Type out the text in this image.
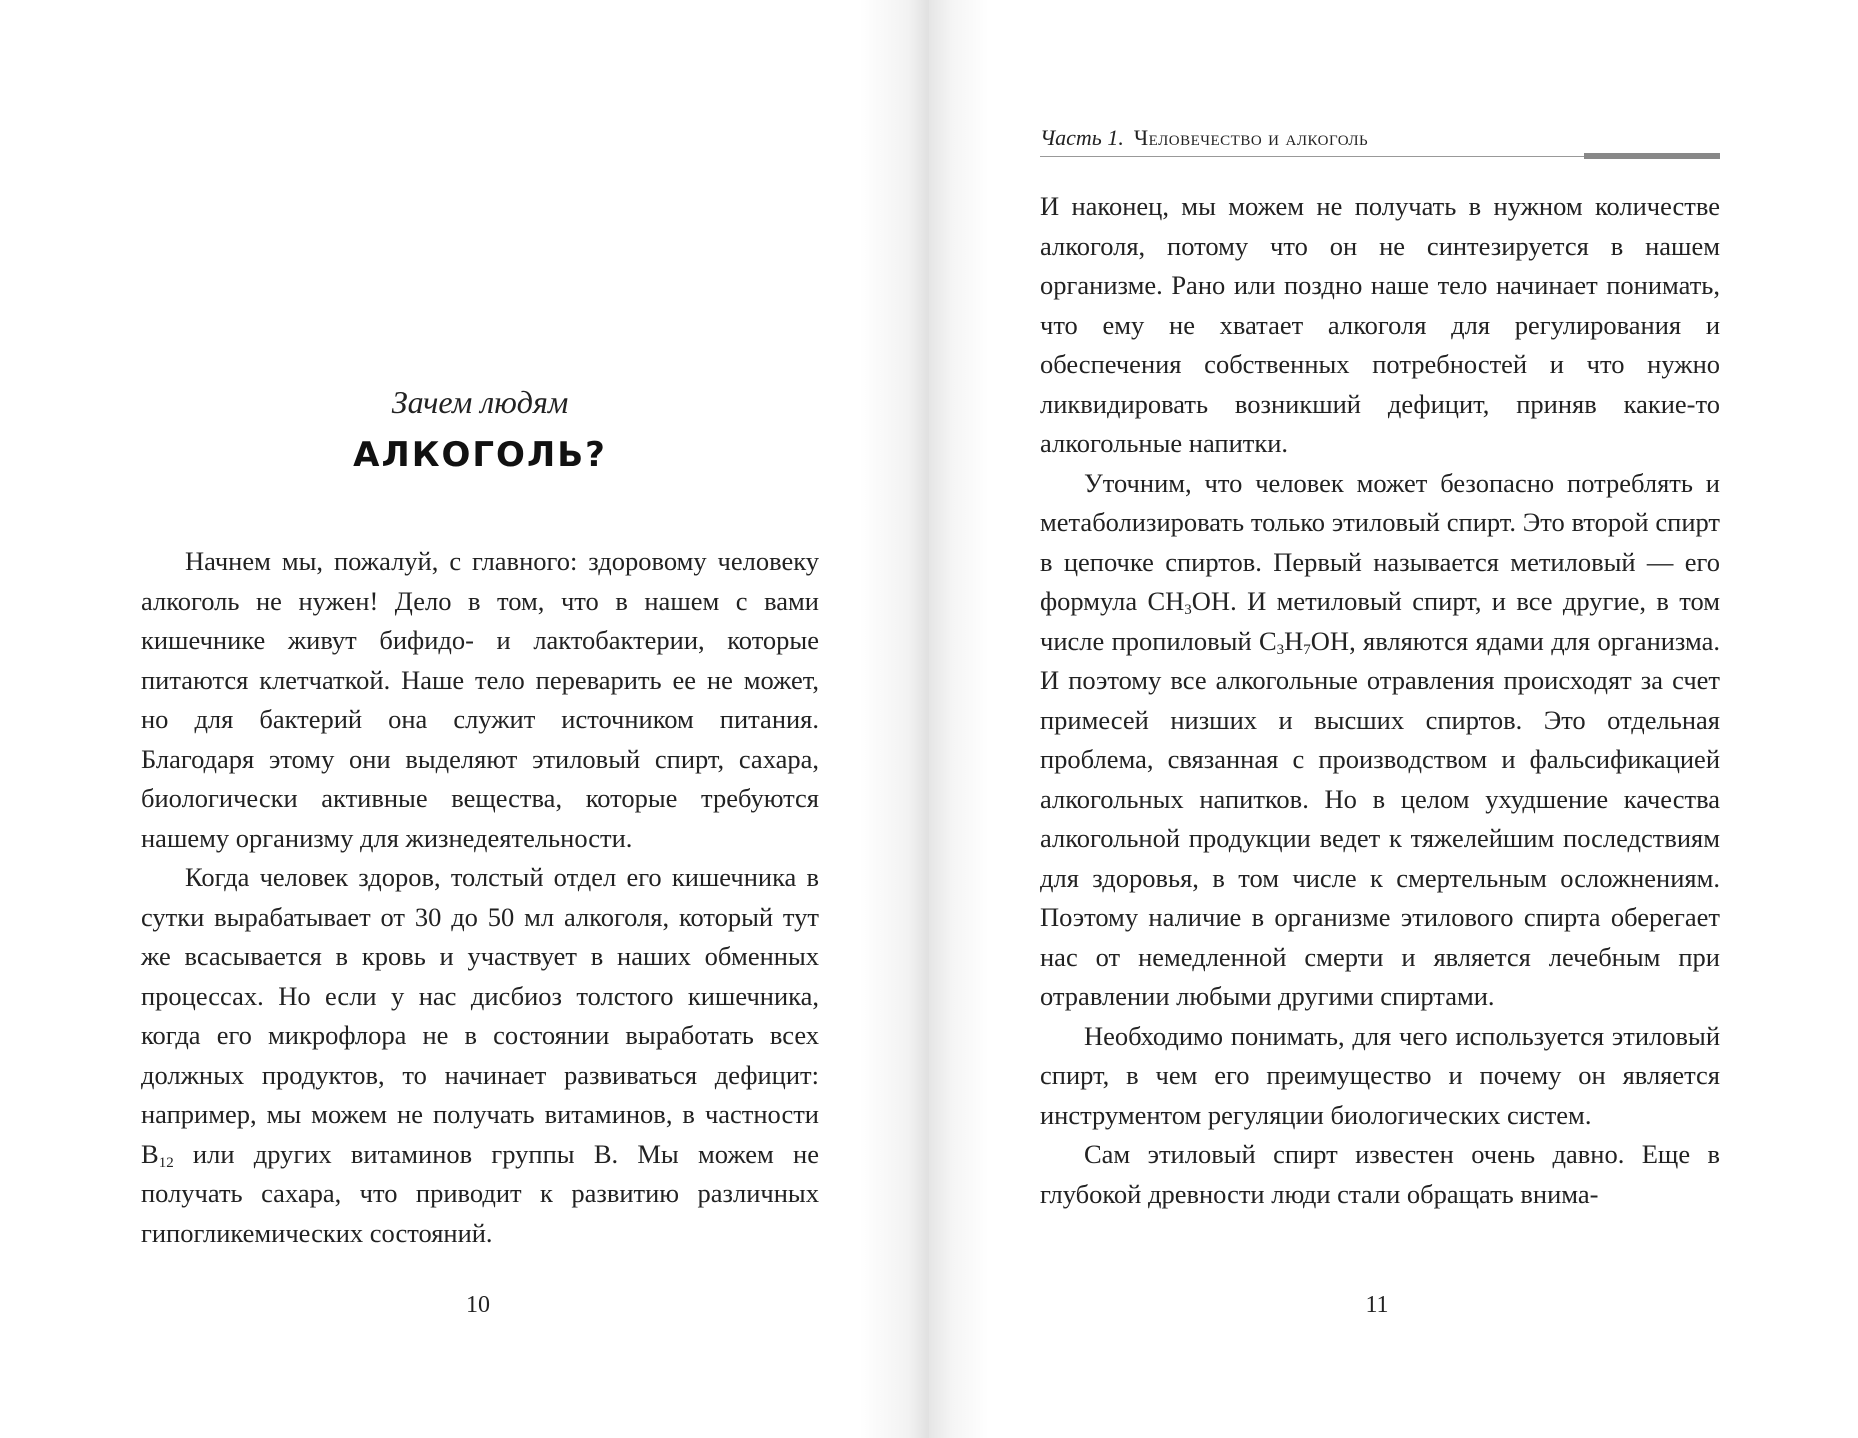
Часть 1. Человечество и алкоголь
Зачем людям
АЛКОГОЛЬ?

Начнем мы, пожалуй, с главного: здоровому человеку алкоголь не нужен! Дело в том, что в нашем с вами кишечнике живут бифидо- и лактобактерии, которые питаются клетчаткой. Наше тело переварить ее не может, но для бактерий она служит источником питания. Благодаря этому они выделяют этиловый спирт, сахара, биологически активные вещества, которые требуются нашему организму для жизнедеятельности.

Когда человек здоров, толстый отдел его кишечника в сутки вырабатывает от 30 до 50 мл алкоголя, который тут же всасывается в кровь и участвует в наших обменных процессах. Но если у нас дисбиоз толстого кишечника, когда его микрофлора не в состоянии выработать всех должных продуктов, то начинает развиваться дефицит: например, мы можем не получать витаминов, в частности $B_{12}$ или других витаминов группы B. Мы можем не получать сахара, что приводит к развитию различных гипогликемических состояний.

И наконец, мы можем не получать в нужном количестве алкоголя, потому что он не синтезируется в нашем организме. Рано или поздно наше тело начинает понимать, что ему не хватает алкоголя для регулирования и обеспечения собственных потребностей и что нужно ликвидировать возникший дефицит, приняв какие-то алкогольные напитки.

Уточним, что человек может безопасно потреблять и метаболизировать только этиловый спирт. Это второй спирт в цепочке спиртов. Первый называется метиловый — его формула $CH_3OH$. И метиловый спирт, и все другие, в том числе пропиловый $C_3H_7OH$, являются ядами для организма. И поэтому все алкогольные отравления происходят за счет примесей низших и высших спиртов. Это отдельная проблема, связанная с производством и фальсификацией алкогольных напитков. Но в целом ухудшение качества алкогольной продукции ведет к тяжелейшим последствиям для здоровья, в том числе к смертельным осложнениям. Поэтому наличие в организме этилового спирта оберегает нас от немедленной смерти и является лечебным при отравлении любыми другими спиртами.

Необходимо понимать, для чего используется этиловый спирт, в чем его преимущество и почему он является инструментом регуляции биологических систем.

Сам этиловый спирт известен очень давно. Еще в глубокой древности люди стали обращать внима-

10	11
